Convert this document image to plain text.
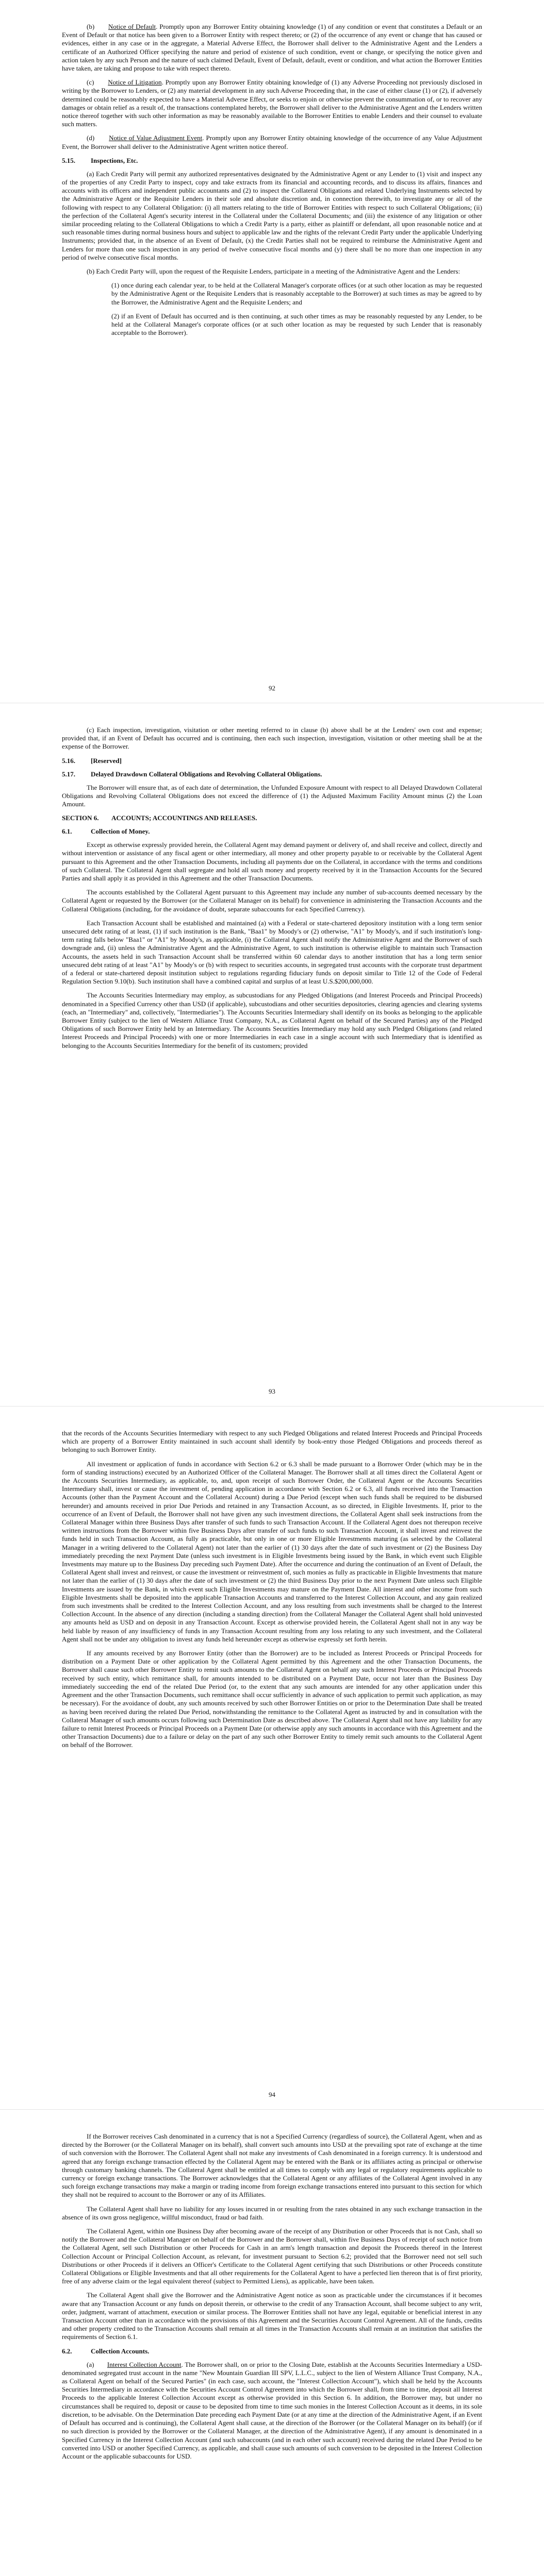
(b) Notice of Default. Promptly upon any Borrower Entity obtaining knowledge (1) of any condition or event that constitutes a Default or an Event of Default or that notice has been given to a Borrower Entity with respect thereto; or (2) of the occurrence of any event or change that has caused or evidences, either in any case or in the aggregate, a Material Adverse Effect, the Borrower shall deliver to the Administrative Agent and the Lenders a certificate of an Authorized Officer specifying the nature and period of existence of such condition, event or change, or specifying the notice given and action taken by any such Person and the nature of such claimed Default, Event of Default, default, event or condition, and what action the Borrower Entities have taken, are taking and propose to take with respect thereto.

(c) Notice of Litigation. Promptly upon any Borrower Entity obtaining knowledge of (1) any Adverse Proceeding not previously disclosed in writing by the Borrower to Lenders, or (2) any material development in any such Adverse Proceeding that, in the case of either clause (1) or (2), if adversely determined could be reasonably expected to have a Material Adverse Effect, or seeks to enjoin or otherwise prevent the consummation of, or to recover any damages or obtain relief as a result of, the transactions contemplated hereby, the Borrower shall deliver to the Administrative Agent and the Lenders written notice thereof together with such other information as may be reasonably available to the Borrower Entities to enable Lenders and their counsel to evaluate such matters.

(d) Notice of Value Adjustment Event. Promptly upon any Borrower Entity obtaining knowledge of the occurrence of any Value Adjustment Event, the Borrower shall deliver to the Administrative Agent written notice thereof.

5.15. Inspections, Etc.

(a) Each Credit Party will permit any authorized representatives designated by the Administrative Agent or any Lender to (1) visit and inspect any of the properties of any Credit Party to inspect, copy and take extracts from its financial and accounting records, and to discuss its affairs, finances and accounts with its officers and independent public accountants and (2) to inspect the Collateral Obligations and related Underlying Instruments selected by the Administrative Agent or the Requisite Lenders in their sole and absolute discretion and, in connection therewith, to investigate any or all of the following with respect to any Collateral Obligation: (i) all matters relating to the title of Borrower Entities with respect to such Collateral Obligations; (ii) the perfection of the Collateral Agent's security interest in the Collateral under the Collateral Documents; and (iii) the existence of any litigation or other similar proceeding relating to the Collateral Obligations to which a Credit Party is a party, either as plaintiff or defendant, all upon reasonable notice and at such reasonable times during normal business hours and subject to applicable law and the rights of the relevant Credit Party under the applicable Underlying Instruments; provided that, in the absence of an Event of Default, (x) the Credit Parties shall not be required to reimburse the Administrative Agent and Lenders for more than one such inspection in any period of twelve consecutive fiscal months and (y) there shall be no more than one inspection in any period of twelve consecutive fiscal months.

(b) Each Credit Party will, upon the request of the Requisite Lenders, participate in a meeting of the Administrative Agent and the Lenders:

(1) once during each calendar year, to be held at the Collateral Manager's corporate offices (or at such other location as may be requested by the Administrative Agent or the Requisite Lenders that is reasonably acceptable to the Borrower) at such times as may be agreed to by the Borrower, the Administrative Agent and the Requisite Lenders; and

(2) if an Event of Default has occurred and is then continuing, at such other times as may be reasonably requested by any Lender, to be held at the Collateral Manager's corporate offices (or at such other location as may be requested by such Lender that is reasonably acceptable to the Borrower).

92

(c) Each inspection, investigation, visitation or other meeting referred to in clause (b) above shall be at the Lenders' own cost and expense; provided that, if an Event of Default has occurred and is continuing, then each such inspection, investigation, visitation or other meeting shall be at the expense of the Borrower.

5.16. [Reserved]
5.17. Delayed Drawdown Collateral Obligations and Revolving Collateral Obligations.

The Borrower will ensure that, as of each date of determination, the Unfunded Exposure Amount with respect to all Delayed Drawdown Collateral Obligations and Revolving Collateral Obligations does not exceed the difference of (1) the Adjusted Maximum Facility Amount minus (2) the Loan Amount.

SECTION 6. ACCOUNTS; ACCOUNTINGS AND RELEASES.
6.1.	Collection of Money.

Except as otherwise expressly provided herein, the Collateral Agent may demand payment or delivery of, and shall receive and collect, directly and without intervention or assistance of any fiscal agent or other intermediary, all money and other property payable to or receivable by the Collateral Agent pursuant to this Agreement and the other Transaction Documents, including all payments due on the Collateral, in accordance with the terms and conditions of such Collateral. The Collateral Agent shall segregate and hold all such money and property received by it in the Transaction Accounts for the Secured Parties and shall apply it as provided in this Agreement and the other Transaction Documents.

The accounts established by the Collateral Agent pursuant to this Agreement may include any number of sub-accounts deemed necessary by the Collateral Agent or requested by the Borrower (or the Collateral Manager on its behalf) for convenience in administering the Transaction Accounts and the Collateral Obligations (including, for the avoidance of doubt, separate subaccounts for each Specified Currency).

Each Transaction Account shall be established and maintained (a) with a Federal or state-chartered depository institution with a long term senior unsecured debt rating of at least, (1) if such institution is the Bank, "Baa1" by Moody's or (2) otherwise, "A1" by Moody's, and if such institution's long-term rating falls below "Baa1" or "A1" by Moody's, as applicable, (i) the Collateral Agent shall notify the Administrative Agent and the Borrower of such downgrade and, (ii) unless the Administrative Agent and the Administrative Agent, to such institution is otherwise eligible to maintain such Transaction Accounts, the assets held in such Transaction Account shall be transferred within 60 calendar days to another institution that has a long term senior unsecured debt rating of at least "A1" by Moody's or (b) with respect to securities accounts, in segregated trust accounts with the corporate trust department of a federal or state-chartered deposit institution subject to regulations regarding fiduciary funds on deposit similar to Title 12 of the Code of Federal Regulation Section 9.10(b). Such institution shall have a combined capital and surplus of at least U.S.$200,000,000.

The Accounts Securities Intermediary may employ, as subcustodians for any Pledged Obligations (and Interest Proceeds and Principal Proceeds) denominated in a Specified Currency other than USD (if applicable), subcustodians and other securities depositories, clearing agencies and clearing systems (each, an "Intermediary" and, collectively, "Intermediaries"). The Accounts Securities Intermediary shall identify on its books as belonging to the applicable Borrower Entity (subject to the lien of Western Alliance Trust Company, N.A., as Collateral Agent on behalf of the Secured Parties) any of the Pledged Obligations of such Borrower Entity held by an Intermediary. The Accounts Securities Intermediary may hold any such Pledged Obligations (and related Interest Proceeds and Principal Proceeds) with one or more Intermediaries in each case in a single account with such Intermediary that is identified as belonging to the Accounts Securities Intermediary for the benefit of its customers; provided

93

that the records of the Accounts Securities Intermediary with respect to any such Pledged Obligations and related Interest Proceeds and Principal Proceeds which are property of a Borrower Entity maintained in such account shall identify by book-entry those Pledged Obligations and proceeds thereof as belonging to such Borrower Entity.

All investment or application of funds in accordance with Section 6.2 or 6.3 shall be made pursuant to a Borrower Order (which may be in the form of standing instructions) executed by an Authorized Officer of the Collateral Manager. The Borrower shall at all times direct the Collateral Agent or the Accounts Securities Intermediary, as applicable, to, and, upon receipt of such Borrower Order, the Collateral Agent or the Accounts Securities Intermediary shall, invest or cause the investment of, pending application in accordance with Section 6.2 or 6.3, all funds received into the Transaction Accounts (other than the Payment Account and the Collateral Account) during a Due Period (except when such funds shall be required to be disbursed hereunder) and amounts received in prior Due Periods and retained in any Transaction Account, as so directed, in Eligible Investments. If, prior to the occurrence of an Event of Default, the Borrower shall not have given any such investment directions, the Collateral Agent shall seek instructions from the Collateral Manager within three Business Days after transfer of such funds to such Transaction Account. If the Collateral Agent does not thereupon receive written instructions from the Borrower within five Business Days after transfer of such funds to such Transaction Account, it shall invest and reinvest the funds held in such Transaction Account, as fully as practicable, but only in one or more Eligible Investments maturing (as selected by the Collateral Manager in a writing delivered to the Collateral Agent) not later than the earlier of (1) 30 days after the date of such investment or (2) the Business Day immediately preceding the next Payment Date (unless such investment is in Eligible Investments being issued by the Bank, in which event such Eligible Investments may mature up to the Business Day preceding such Payment Date). After the occurrence and during the continuation of an Event of Default, the Collateral Agent shall invest and reinvest, or cause the investment or reinvestment of, such monies as fully as practicable in Eligible Investments that mature not later than the earlier of (1) 30 days after the date of such investment or (2) the third Business Day prior to the next Payment Date unless such Eligible Investments are issued by the Bank, in which event such Eligible Investments may mature on the Payment Date. All interest and other income from such Eligible Investments shall be deposited into the applicable Transaction Accounts and transferred to the Interest Collection Account, and any gain realized from such investments shall be credited to the Interest Collection Account, and any loss resulting from such investments shall be charged to the Interest Collection Account. In the absence of any direction (including a standing direction) from the Collateral Manager the Collateral Agent shall hold uninvested any amounts held as USD and on deposit in any Transaction Account. Except as otherwise provided herein, the Collateral Agent shall not in any way be held liable by reason of any insufficiency of funds in any Transaction Account resulting from any loss relating to any such investment, and the Collateral Agent shall not be under any obligation to invest any funds held hereunder except as otherwise expressly set forth herein.

If any amounts received by any Borrower Entity (other than the Borrower) are to be included as Interest Proceeds or Principal Proceeds for distribution on a Payment Date or other application by the Collateral Agent permitted by this Agreement and the other Transaction Documents, the Borrower shall cause such other Borrower Entity to remit such amounts to the Collateral Agent on behalf any such Interest Proceeds or Principal Proceeds received by such entity, which remittance shall, for amounts intended to be distributed on a Payment Date, occur not later than the Business Day immediately succeeding the end of the related Due Period (or, to the extent that any such amounts are intended for any other application under this Agreement and the other Transaction Documents, such remittance shall occur sufficiently in advance of such application to permit such application, as may be necessary). For the avoidance of doubt, any such amounts received by such other Borrower Entities on or prior to the Determination Date shall be treated as having been received during the related Due Period, notwithstanding the remittance to the Collateral Agent as instructed by and in consultation with the Collateral Manager of such amounts occurs following such Determination Date as described above. The Collateral Agent shall not have any liability for any failure to remit Interest Proceeds or Principal Proceeds on a Payment Date (or otherwise apply any such amounts in accordance with this Agreement and the other Transaction Documents) due to a failure or delay on the part of any such other Borrower Entity to timely remit such amounts to the Collateral Agent on behalf of the Borrower.

94

If the Borrower receives Cash denominated in a currency that is not a Specified Currency (regardless of source), the Collateral Agent, when and as directed by the Borrower (or the Collateral Manager on its behalf), shall convert such amounts into USD at the prevailing spot rate of exchange at the time of such conversion with the Borrower. The Collateral Agent shall not make any investments of Cash denominated in a foreign currency. It is understood and agreed that any foreign exchange transaction effected by the Collateral Agent may be entered with the Bank or its affiliates acting as principal or otherwise through customary banking channels. The Collateral Agent shall be entitled at all times to comply with any legal or regulatory requirements applicable to currency or foreign exchange transactions. The Borrower acknowledges that the Collateral Agent or any affiliates of the Collateral Agent involved in any such foreign exchange transactions may make a margin or trading income from foreign exchange transactions entered into pursuant to this section for which they shall not be required to account to the Borrower or any of its Affiliates.

The Collateral Agent shall have no liability for any losses incurred in or resulting from the rates obtained in any such exchange transaction in the absence of its own gross negligence, willful misconduct, fraud or bad faith.

The Collateral Agent, within one Business Day after becoming aware of the receipt of any Distribution or other Proceeds that is not Cash, shall so notify the Borrower and the Collateral Manager on behalf of the Borrower and the Borrower shall, within five Business Days of receipt of such notice from the Collateral Agent, sell such Distribution or other Proceeds for Cash in an arm's length transaction and deposit the Proceeds thereof in the Interest Collection Account or Principal Collection Account, as relevant, for investment pursuant to Section 6.2; provided that the Borrower need not sell such Distributions or other Proceeds if it delivers an Officer's Certificate to the Collateral Agent certifying that such Distributions or other Proceeds constitute Collateral Obligations or Eligible Investments and that all other requirements for the Collateral Agent to have a perfected lien thereon that is of first priority, free of any adverse claim or the legal equivalent thereof (subject to Permitted Liens), as applicable, have been taken.

The Collateral Agent shall give the Borrower and the Administrative Agent notice as soon as practicable under the circumstances if it becomes aware that any Transaction Account or any funds on deposit therein, or otherwise to the credit of any Transaction Account, shall become subject to any writ, order, judgment, warrant of attachment, execution or similar process. The Borrower Entities shall not have any legal, equitable or beneficial interest in any Transaction Account other than in accordance with the provisions of this Agreement and the Securities Account Control Agreement. All of the funds, credits and other property credited to the Transaction Accounts shall remain at all times in the Transaction Accounts shall remain at an institution that satisfies the requirements of Section 6.1.

6.2.	Collection Accounts.

(a) Interest Collection Account. The Borrower shall, on or prior to the Closing Date, establish at the Accounts Securities Intermediary a USD-denominated segregated trust account in the name "New Mountain Guardian III SPV, L.L.C., subject to the lien of Western Alliance Trust Company, N.A., as Collateral Agent on behalf of the Secured Parties" (in each case, such account, the "Interest Collection Account"), which shall be held by the Accounts Securities Intermediary in accordance with the Securities Account Control Agreement into which the Borrower shall, from time to time, deposit all Interest Proceeds to the applicable Interest Collection Account except as otherwise provided in this Section 6. In addition, the Borrower may, but under no circumstances shall be required to, deposit or cause to be deposited from time to time such monies in the Interest Collection Account as it deems, in its sole discretion, to be advisable. On the Determination Date preceding each Payment Date (or at any time at the direction of the Administrative Agent, if an Event of Default has occurred and is continuing), the Collateral Agent shall cause, at the direction of the Borrower (or the Collateral Manager on its behalf) (or if no such direction is provided by the Borrower or the Collateral Manager, at the direction of the Administrative Agent), if any amount is denominated in a Specified Currency in the Interest Collection Account (and such subaccounts (and in each other such account) received during the related Due Period to be converted into USD or another Specified Currency, as applicable, and shall cause such amounts of such conversion to be deposited in the Interest Collection Account or the applicable subaccounts for USD.
